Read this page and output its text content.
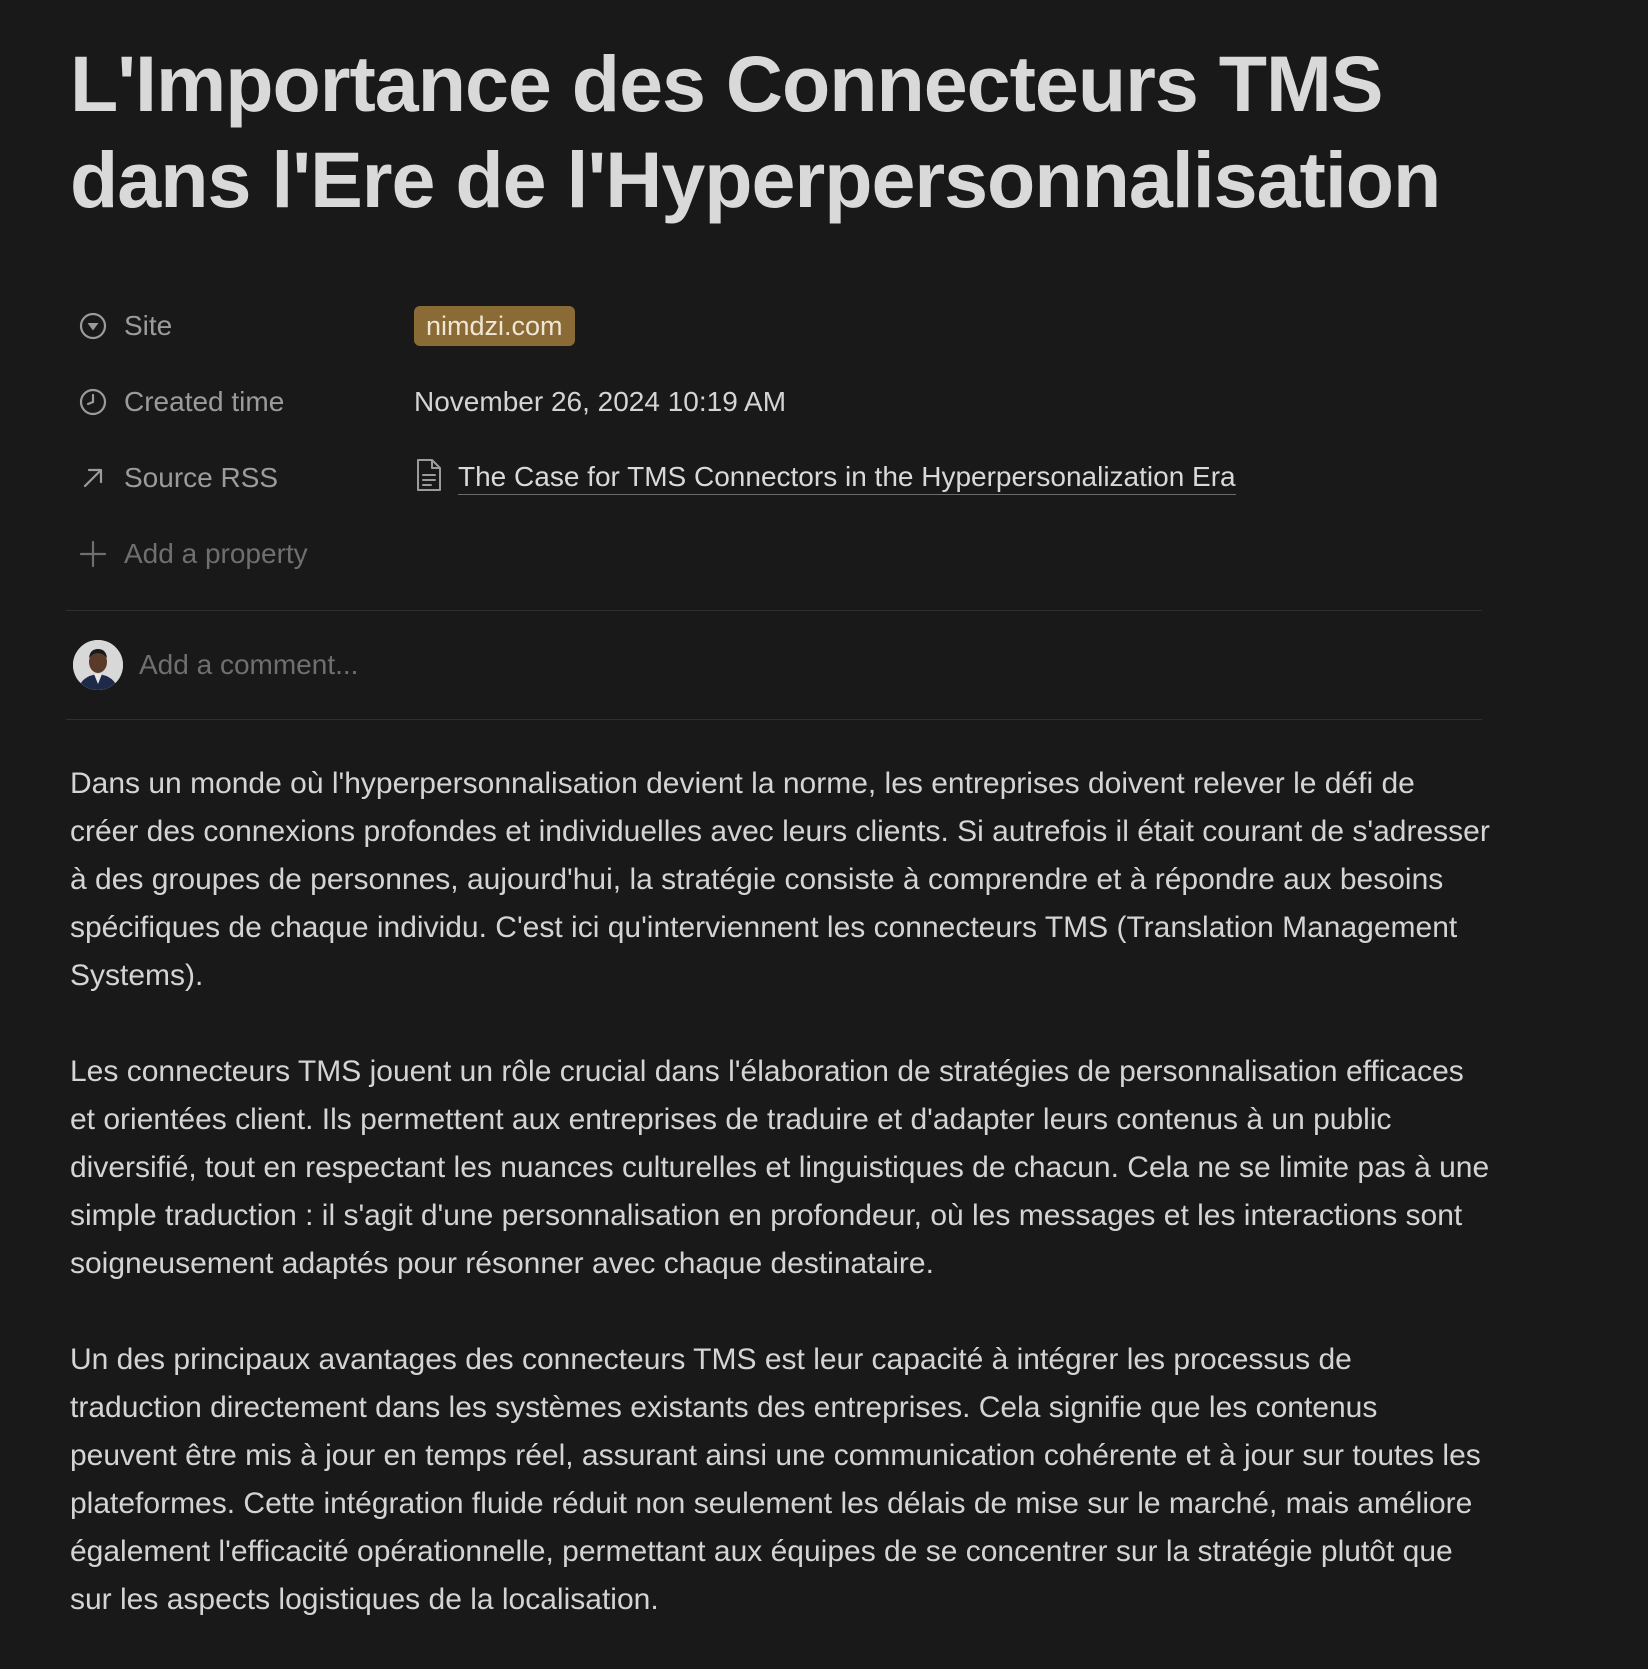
L'Importance des Connecteurs TMS
dans l'Ere de l'Hyperpersonnalisation
Site	nimdzi.com
Created time	November 26, 2024 10:19 AM
Source RSS	The Case for TMS Connectors in the Hyperpersonalization Era
Add a property
Add a comment...

Dans un monde où l'hyperpersonnalisation devient la norme, les entreprises doivent relever le défi de créer des connexions profondes et individuelles avec leurs clients. Si autrefois il était courant de s'adresser à des groupes de personnes, aujourd'hui, la stratégie consiste à comprendre et à répondre aux besoins spécifiques de chaque individu. C'est ici qu'interviennent les connecteurs TMS (Translation Management Systems).

Les connecteurs TMS jouent un rôle crucial dans l'élaboration de stratégies de personnalisation efficaces et orientées client. Ils permettent aux entreprises de traduire et d'adapter leurs contenus à un public diversifié, tout en respectant les nuances culturelles et linguistiques de chacun. Cela ne se limite pas à une simple traduction : il s'agit d'une personnalisation en profondeur, où les messages et les interactions sont soigneusement adaptés pour résonner avec chaque destinataire.

Un des principaux avantages des connecteurs TMS est leur capacité à intégrer les processus de traduction directement dans les systèmes existants des entreprises. Cela signifie que les contenus peuvent être mis à jour en temps réel, assurant ainsi une communication cohérente et à jour sur toutes les plateformes. Cette intégration fluide réduit non seulement les délais de mise sur le marché, mais améliore également l'efficacité opérationnelle, permettant aux équipes de se concentrer sur la stratégie plutôt que sur les aspects logistiques de la localisation.
